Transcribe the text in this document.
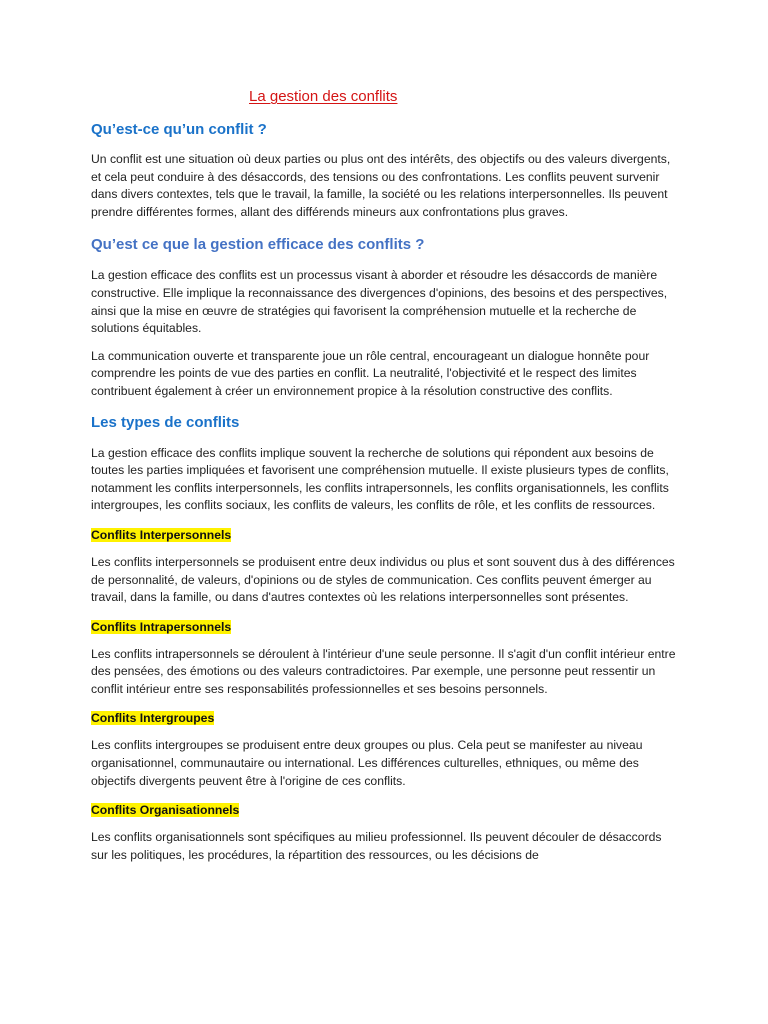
La gestion des conflits
Qu’est-ce qu’un conflit ?

Un conflit est une situation où deux parties ou plus ont des intérêts, des objectifs ou des valeurs divergents, et cela peut conduire à des désaccords, des tensions ou des confrontations. Les conflits peuvent survenir dans divers contextes, tels que le travail, la famille, la société ou les relations interpersonnelles. Ils peuvent prendre différentes formes, allant des différends mineurs aux confrontations plus graves.

Qu’est ce que la gestion efficace des conflits ?

La gestion efficace des conflits est un processus visant à aborder et résoudre les désaccords de manière constructive. Elle implique la reconnaissance des divergences d'opinions, des besoins et des perspectives, ainsi que la mise en œuvre de stratégies qui favorisent la compréhension mutuelle et la recherche de solutions équitables.

La communication ouverte et transparente joue un rôle central, encourageant un dialogue honnête pour comprendre les points de vue des parties en conflit. La neutralité, l'objectivité et le respect des limites contribuent également à créer un environnement propice à la résolution constructive des conflits.

Les types de conflits

La gestion efficace des conflits implique souvent la recherche de solutions qui répondent aux besoins de toutes les parties impliquées et favorisent une compréhension mutuelle. Il existe plusieurs types de conflits, notamment les conflits interpersonnels, les conflits intrapersonnels, les conflits organisationnels, les conflits intergroupes, les conflits sociaux, les conflits de valeurs, les conflits de rôle, et les conflits de ressources.

Conflits Interpersonnels

Les conflits interpersonnels se produisent entre deux individus ou plus et sont souvent dus à des différences de personnalité, de valeurs, d'opinions ou de styles de communication. Ces conflits peuvent émerger au travail, dans la famille, ou dans d'autres contextes où les relations interpersonnelles sont présentes.

Conflits Intrapersonnels

Les conflits intrapersonnels se déroulent à l'intérieur d'une seule personne. Il s'agit d'un conflit intérieur entre des pensées, des émotions ou des valeurs contradictoires. Par exemple, une personne peut ressentir un conflit intérieur entre ses responsabilités professionnelles et ses besoins personnels.

Conflits Intergroupes

Les conflits intergroupes se produisent entre deux groupes ou plus. Cela peut se manifester au niveau organisationnel, communautaire ou international. Les différences culturelles, ethniques, ou même des objectifs divergents peuvent être à l'origine de ces conflits.

Conflits Organisationnels

Les conflits organisationnels sont spécifiques au milieu professionnel. Ils peuvent découler de désaccords sur les politiques, les procédures, la répartition des ressources, ou les décisions de
